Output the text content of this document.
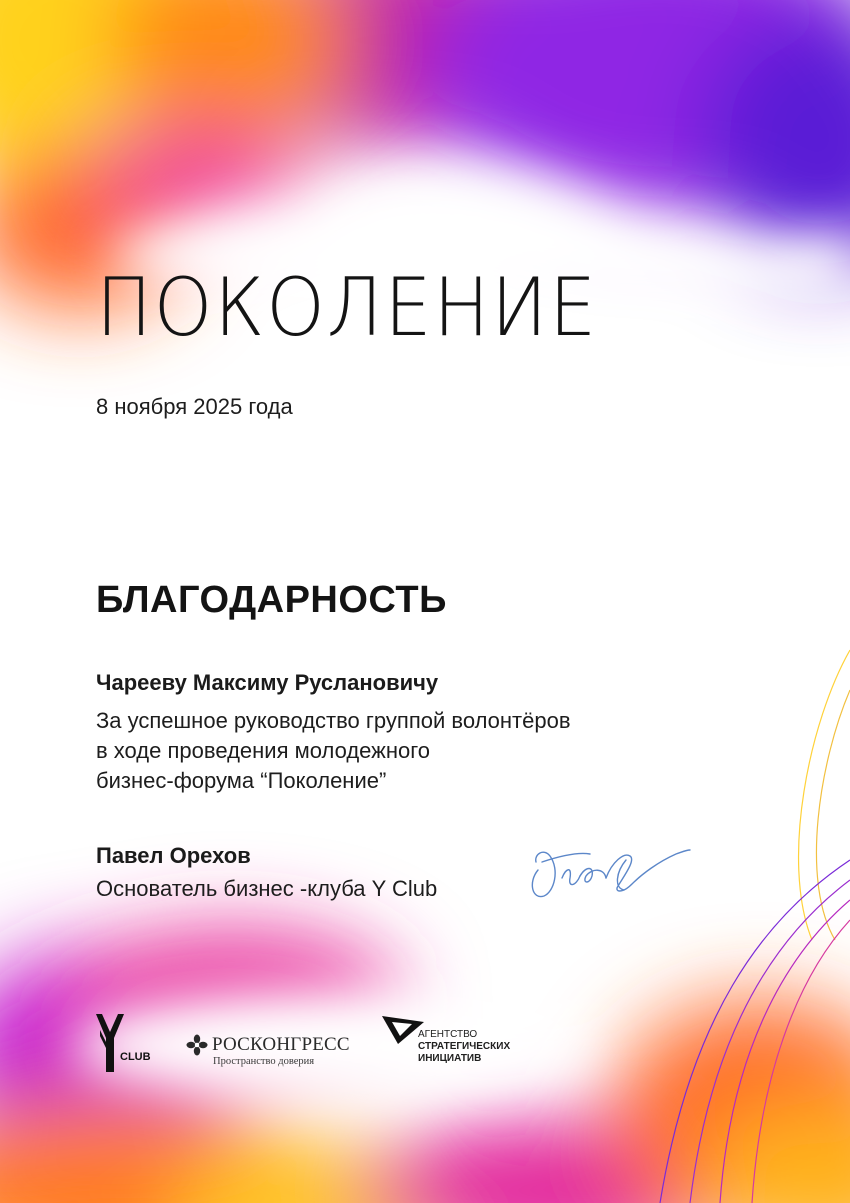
ПОКОЛЕНИЕ
8 ноября 2025 года
БЛАГОДАРНОСТЬ
Чарееву Максиму Руслановичу
За успешное руководство группой волонтёров
в ходе проведения молодежного
бизнес-форума “Поколение”
Павел Орехов
Основатель бизнес -клуба Y Club
CLUB
РОСКОНГРЕСС
Пространство доверия
АГЕНТСТВО
СТРАТЕГИЧЕСКИХ
ИНИЦИАТИВ
